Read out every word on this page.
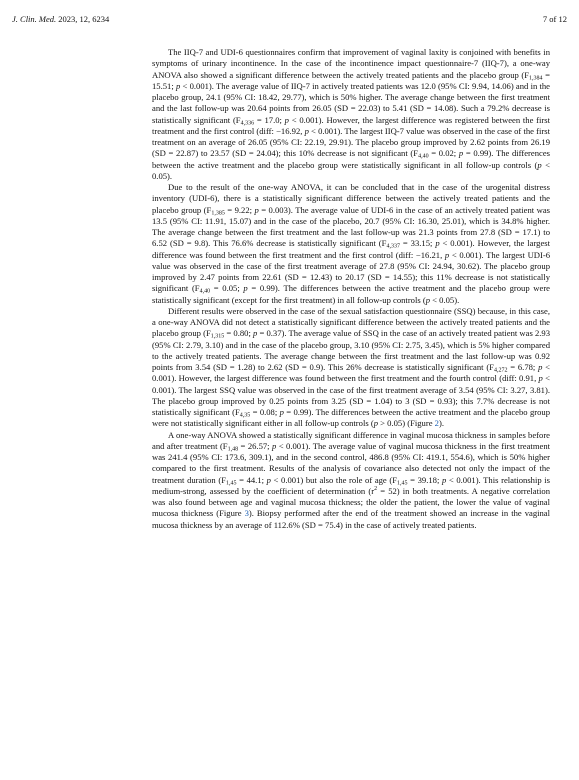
J. Clin. Med. 2023, 12, 6234	7 of 12

The IIQ-7 and UDI-6 questionnaires confirm that improvement of vaginal laxity is conjoined with benefits in symptoms of urinary incontinence. In the case of the incontinence impact questionnaire-7 (IIQ-7), a one-way ANOVA also showed a significant difference between the actively treated patients and the placebo group ($F_{1,384} = 15.51$; p < 0.001). The average value of IIQ-7 in actively treated patients was 12.0 (95% CI: 9.94, 14.06) and in the placebo group, 24.1 (95% CI: 18.42, 29.77), which is 50% higher. The average change between the first treatment and the last follow-up was 20.64 points from 26.05 (SD = 22.03) to 5.41 (SD = 14.08). Such a 79.2% decrease is statistically significant ($F_{4,336} = 17.0$; p < 0.001). However, the largest difference was registered between the first treatment and the first control (diff: −16.92, p < 0.001). The largest IIQ-7 value was observed in the case of the first treatment on an average of 26.05 (95% CI: 22.19, 29.91). The placebo group improved by 2.62 points from 26.19 (SD = 22.87) to 23.57 (SD = 24.04); this 10% decrease is not significant ($F_{4,40} = 0.02$; p = 0.99). The differences between the active treatment and the placebo group were statistically significant in all follow-up controls (p < 0.05).

Due to the result of the one-way ANOVA, it can be concluded that in the case of the urogenital distress inventory (UDI-6), there is a statistically significant difference between the actively treated patients and the placebo group ($F_{1,385} = 9.22$; p = 0.003). The average value of UDI-6 in the case of an actively treated patient was 13.5 (95% CI: 11.91, 15.07) and in the case of the placebo, 20.7 (95% CI: 16.30, 25.01), which is 34.8% higher. The average change between the first treatment and the last follow-up was 21.3 points from 27.8 (SD = 17.1) to 6.52 (SD = 9.8). This 76.6% decrease is statistically significant ($F_{4,337} = 33.15$; p < 0.001). However, the largest difference was found between the first treatment and the first control (diff: −16.21, p < 0.001). The largest UDI-6 value was observed in the case of the first treatment average of 27.8 (95% CI: 24.94, 30.62). The placebo group improved by 2.47 points from 22.61 (SD = 12.43) to 20.17 (SD = 14.55); this 11% decrease is not statistically significant ($F_{4,40} = 0.05$; p = 0.99). The differences between the active treatment and the placebo group were statistically significant (except for the first treatment) in all follow-up controls (p < 0.05).

Different results were observed in the case of the sexual satisfaction questionnaire (SSQ) because, in this case, a one-way ANOVA did not detect a statistically significant difference between the actively treated patients and the placebo group ($F_{1,315} = 0.80$; p = 0.37). The average value of SSQ in the case of an actively treated patient was 2.93 (95% CI: 2.79, 3.10) and in the case of the placebo group, 3.10 (95% CI: 2.75, 3.45), which is 5% higher compared to the actively treated patients. The average change between the first treatment and the last follow-up was 0.92 points from 3.54 (SD = 1.28) to 2.62 (SD = 0.9). This 26% decrease is statistically significant ($F_{4,272} = 6.78$; p < 0.001). However, the largest difference was found between the first treatment and the fourth control (diff: 0.91, p < 0.001). The largest SSQ value was observed in the case of the first treatment average of 3.54 (95% CI: 3.27, 3.81). The placebo group improved by 0.25 points from 3.25 (SD = 1.04) to 3 (SD = 0.93); this 7.7% decrease is not statistically significant ($F_{4,35} = 0.08$; p = 0.99). The differences between the active treatment and the placebo group were not statistically significant either in all follow-up controls (p > 0.05) (Figure 2).

A one-way ANOVA showed a statistically significant difference in vaginal mucosa thickness in samples before and after treatment ($F_{1,48} = 26.57$; p < 0.001). The average value of vaginal mucosa thickness in the first treatment was 241.4 (95% CI: 173.6, 309.1), and in the second control, 486.8 (95% CI: 419.1, 554.6), which is 50% higher compared to the first treatment. Results of the analysis of covariance also detected not only the impact of the treatment duration ($F_{1,45} = 44.1$; p < 0.001) but also the role of age ($F_{1,45} = 39.18$; p < 0.001). This relationship is medium-strong, assessed by the coefficient of determination $(r^2 = 52)$ in both treatments. A negative correlation was also found between age and vaginal mucosa thickness; the older the patient, the lower the value of vaginal mucosa thickness (Figure 3). Biopsy performed after the end of the treatment showed an increase in the vaginal mucosa thickness by an average of 112.6% (SD = 75.4) in the case of actively treated patients.
